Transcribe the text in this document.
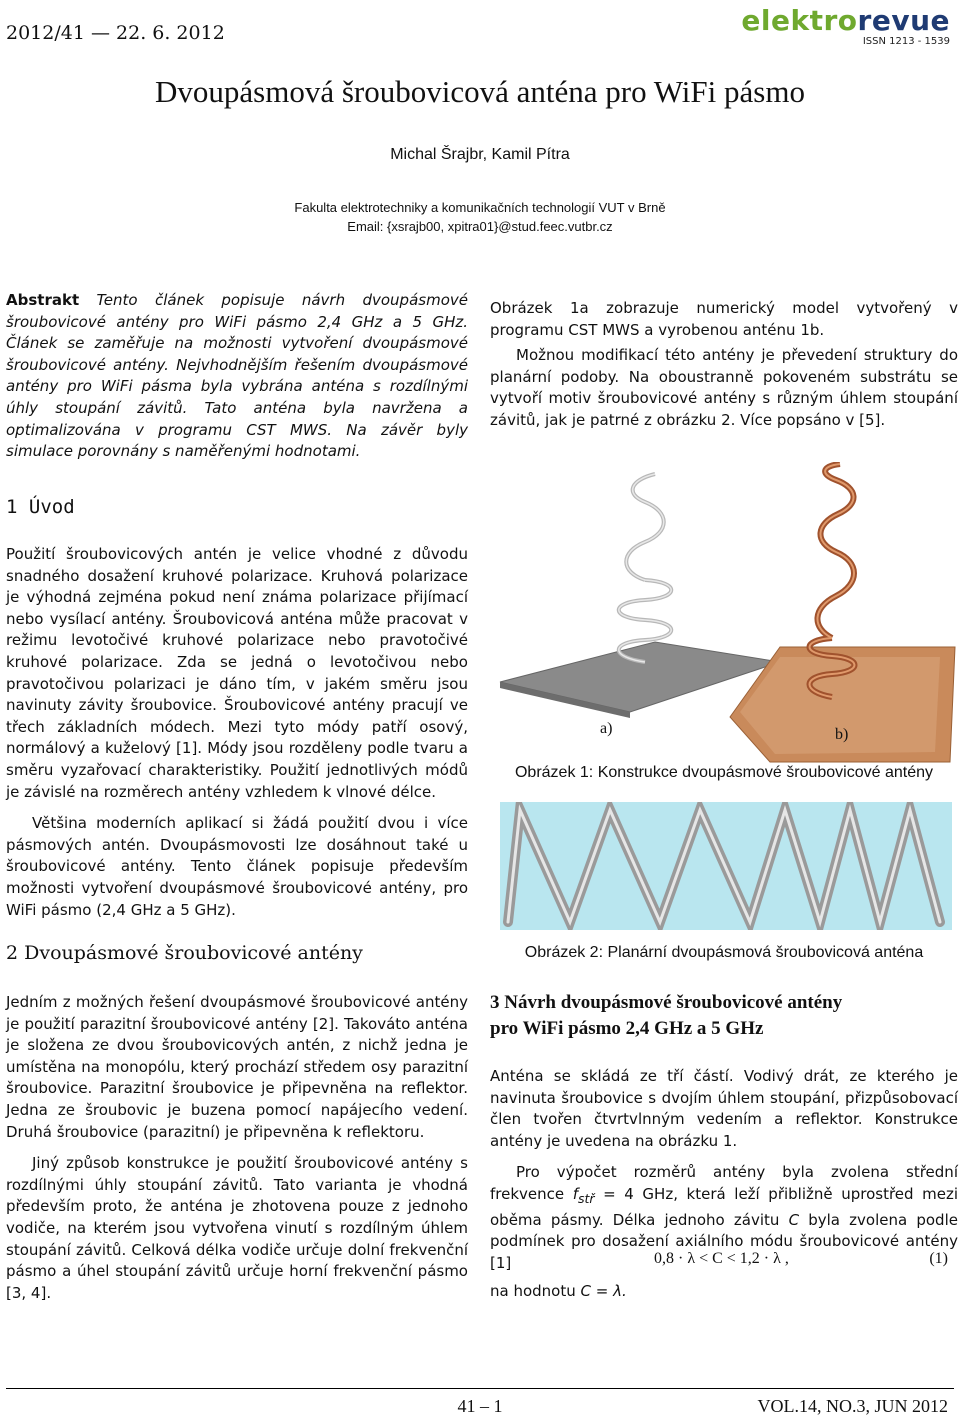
2012/41 — 22. 6. 2012	elektrorevue
ISSN 1213 - 1539
Dvoupásmová šroubovicová anténa pro WiFi pásmo
Michal Šrajbr, Kamil Pítra
Fakulta elektrotechniky a komunikačních technologií VUT v Brně
Email: {xsrajb00, xpitra01}@stud.feec.vutbr.cz
Abstrakt Tento článek popisuje návrh dvoupásmové šroubovicové antény pro WiFi pásmo 2,4 GHz a 5 GHz. Článek se zaměřuje na možnosti vytvoření dvoupásmové šroubovicové antény. Nejvhodnějším řešením dvoupásmové antény pro WiFi pásma byla vybrána anténa s rozdílnými úhly stoupání závitů. Tato anténa byla navržena a optimalizována v programu CST MWS. Na závěr byly simulace porovnány s naměřenými hodnotami.
1 Úvod

Použití šroubovicových antén je velice vhodné z důvodu snadného dosažení kruhové polarizace. Kruhová polarizace je výhodná zejména pokud není známa polarizace přijímací nebo vysílací antény. Šroubovicová anténa může pracovat v režimu levotočivé kruhové polarizace nebo pravotočivé kruhové polarizace. Zda se jedná o levotočivou nebo pravotočivou polarizaci je dáno tím, v jakém směru jsou navinuty závity šroubovice. Šroubovicové antény pracují ve třech základních módech. Mezi tyto módy patří osový, normálový a kuželový [1]. Módy jsou rozděleny podle tvaru a směru vyzařovací charakteristiky. Použití jednotlivých módů je závislé na rozměrech antény vzhledem k vlnové délce.

Většina moderních aplikací si žádá použití dvou i více pásmových antén. Dvoupásmovosti lze dosáhnout také u šroubovicové antény. Tento článek popisuje především možnosti vytvoření dvoupásmové šroubovicové antény, pro WiFi pásmo (2,4 GHz a 5 GHz).

2 Dvoupásmové šroubovicové antény

Jedním z možných řešení dvoupásmové šroubovicové antény je použití parazitní šroubovicové antény [2]. Takováto anténa je složena ze dvou šroubovicových antén, z nichž jedna je umístěna na monopólu, který prochází středem osy parazitní šroubovice. Parazitní šroubovice je připevněna na reflektor. Jedna ze šroubovic je buzena pomocí napájecího vedení. Druhá šroubovice (parazitní) je připevněna k reflektoru.

Jiný způsob konstrukce je použití šroubovicové antény s rozdílnými úhly stoupání závitů. Tato varianta je vhodná především proto, že anténa je zhotovena pouze z jednoho vodiče, na kterém jsou vytvořena vinutí s rozdílným úhlem stoupání závitů. Celková délka vodiče určuje dolní frekvenční pásmo a úhel stoupání závitů určuje horní frekvenční pásmo [3, 4].

Obrázek 1a zobrazuje numerický model vytvořený v programu CST MWS a vyrobenou anténu 1b.

Možnou modifikací této antény je převedení struktury do planární podoby. Na oboustranně pokoveném substrátu se vytvoří motiv šroubovicové antény s různým úhlem stoupání závitů, jak je patrné z obrázku 2. Více popsáno v [5].

a)	b)
Obrázek 1: Konstrukce dvoupásmové šroubovicové antény
Obrázek 2: Planární dvoupásmová šroubovicová anténa
3 Návrh dvoupásmové šroubovicové antény
pro WiFi pásmo 2,4 GHz a 5 GHz

Anténa se skládá ze tří částí. Vodivý drát, ze kterého je navinuta šroubovice s dvojím úhlem stoupání, přizpůsobovací člen tvořen čtvrtvlnným vedením a reflektor. Konstrukce antény je uvedena na obrázku 1.

Pro výpočet rozměrů antény byla zvolena střední frekvence $f_{stř} = 4$ GHz, která leží přibližně uprostřed mezi oběma pásmy. Délka jednoho závitu C byla zvolena podle podmínek pro dosažení axiálního módu šroubovicové antény [1]	0,8 · λ < C < 1,2 · λ ,	(1)
na hodnotu C = λ.
41 – 1	VOL.14, NO.3, JUN 2012
